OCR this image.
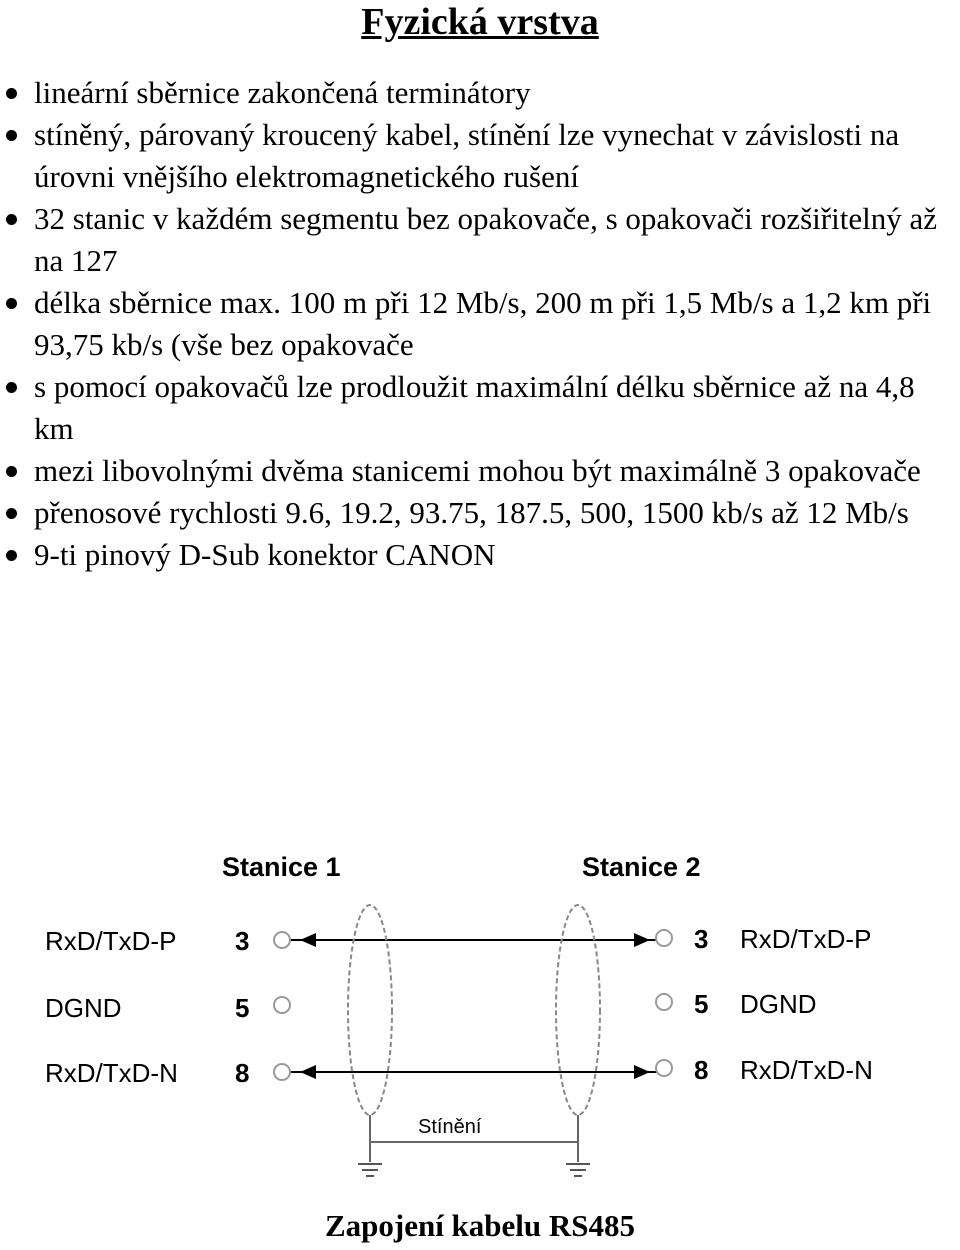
Fyzická vrstva
lineární sběrnice zakončená terminátory
stíněný, párovaný kroucený kabel, stínění lze vynechat v závislosti na úrovni vnějšího elektromagnetického rušení
32 stanic v každém segmentu bez opakovače, s opakovači rozšiřitelný až na 127
délka sběrnice max. 100 m při 12 Mb/s, 200 m při 1,5 Mb/s a 1,2 km při 93,75 kb/s (vše bez opakovače
s pomocí opakovačů lze prodloužit maximální délku sběrnice až na 4,8 km
mezi libovolnými dvěma stanicemi mohou být maximálně 3 opakovače
přenosové rychlosti 9.6, 19.2, 93.75, 187.5, 500, 1500 kb/s až 12 Mb/s
9-ti pinový D-Sub konektor CANON
Stanice 1	Stanice 2
RxD/TxD-P
DGND
RxD/TxD-N
3
5
8
3
5
8
RxD/TxD-P
DGND
RxD/TxD-N
Stínění
Zapojení kabelu RS485
